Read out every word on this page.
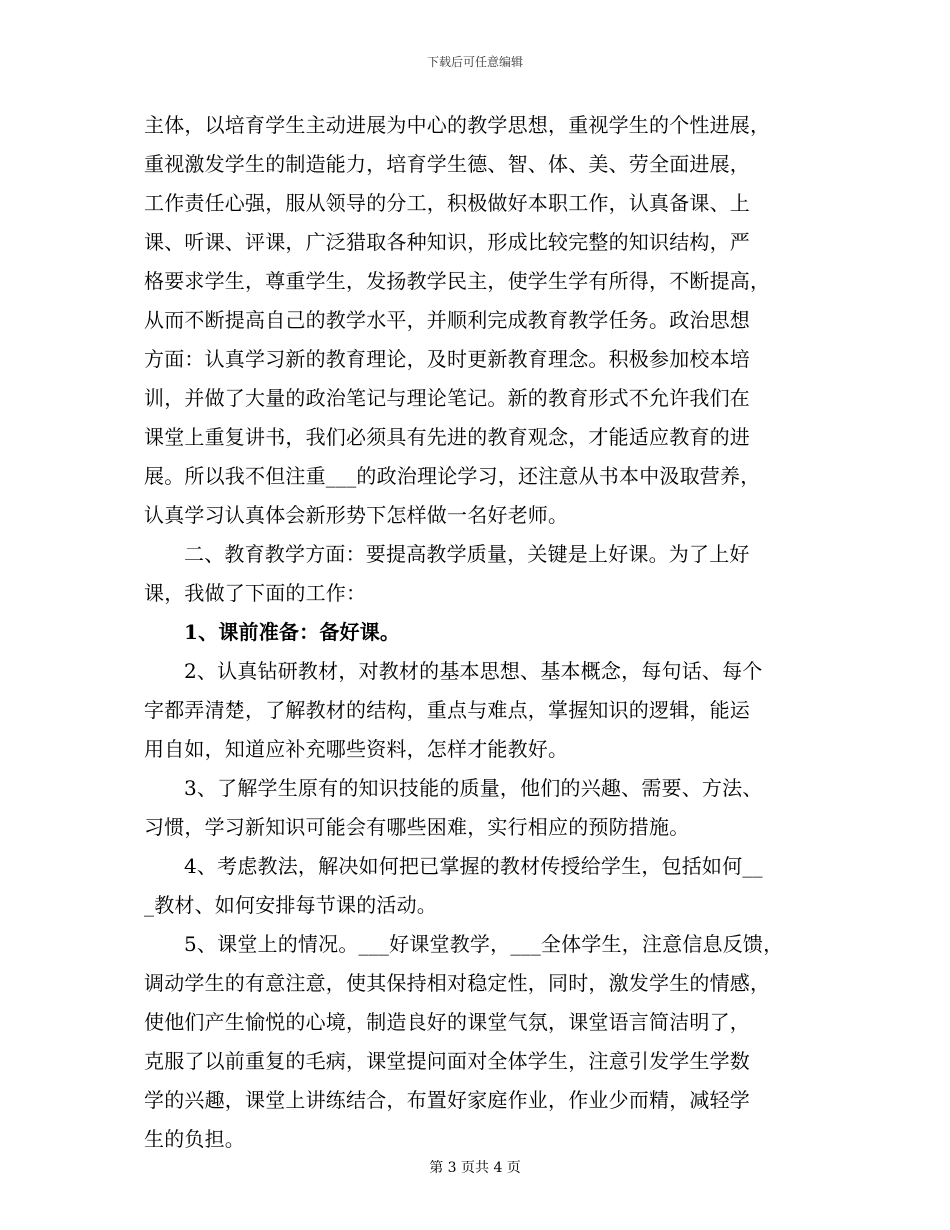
下载后可任意编辑
主体，以培育学生主动进展为中心的教学思想，重视学生的个性进展，
重视激发学生的制造能力，培育学生德、智、体、美、劳全面进展，
工作责任心强，服从领导的分工，积极做好本职工作，认真备课、上
课、听课、评课，广泛猎取各种知识，形成比较完整的知识结构，严
格要求学生，尊重学生，发扬教学民主，使学生学有所得，不断提高，
从而不断提高自己的教学水平，并顺利完成教育教学任务。政治思想
方面：认真学习新的教育理论，及时更新教育理念。积极参加校本培
训，并做了大量的政治笔记与理论笔记。新的教育形式不允许我们在
课堂上重复讲书，我们必须具有先进的教育观念，才能适应教育的进
展。所以我不但注重___的政治理论学习，还注意从书本中汲取营养，
认真学习认真体会新形势下怎样做一名好老师。
二、教育教学方面：要提高教学质量，关键是上好课。为了上好
课，我做了下面的工作：
1、课前准备：备好课。
2、认真钻研教材，对教材的基本思想、基本概念，每句话、每个
字都弄清楚，了解教材的结构，重点与难点，掌握知识的逻辑，能运
用自如，知道应补充哪些资料，怎样才能教好。
3、了解学生原有的知识技能的质量，他们的兴趣、需要、方法、
习惯，学习新知识可能会有哪些困难，实行相应的预防措施。
4、考虑教法，解决如何把已掌握的教材传授给学生，包括如何__
_教材、如何安排每节课的活动。
5、课堂上的情况。___好课堂教学，___全体学生，注意信息反馈，
调动学生的有意注意，使其保持相对稳定性，同时，激发学生的情感，
使他们产生愉悦的心境，制造良好的课堂气氛，课堂语言简洁明了，
克服了以前重复的毛病，课堂提问面对全体学生，注意引发学生学数
学的兴趣，课堂上讲练结合，布置好家庭作业，作业少而精，减轻学
生的负担。
第 3 页共 4 页
